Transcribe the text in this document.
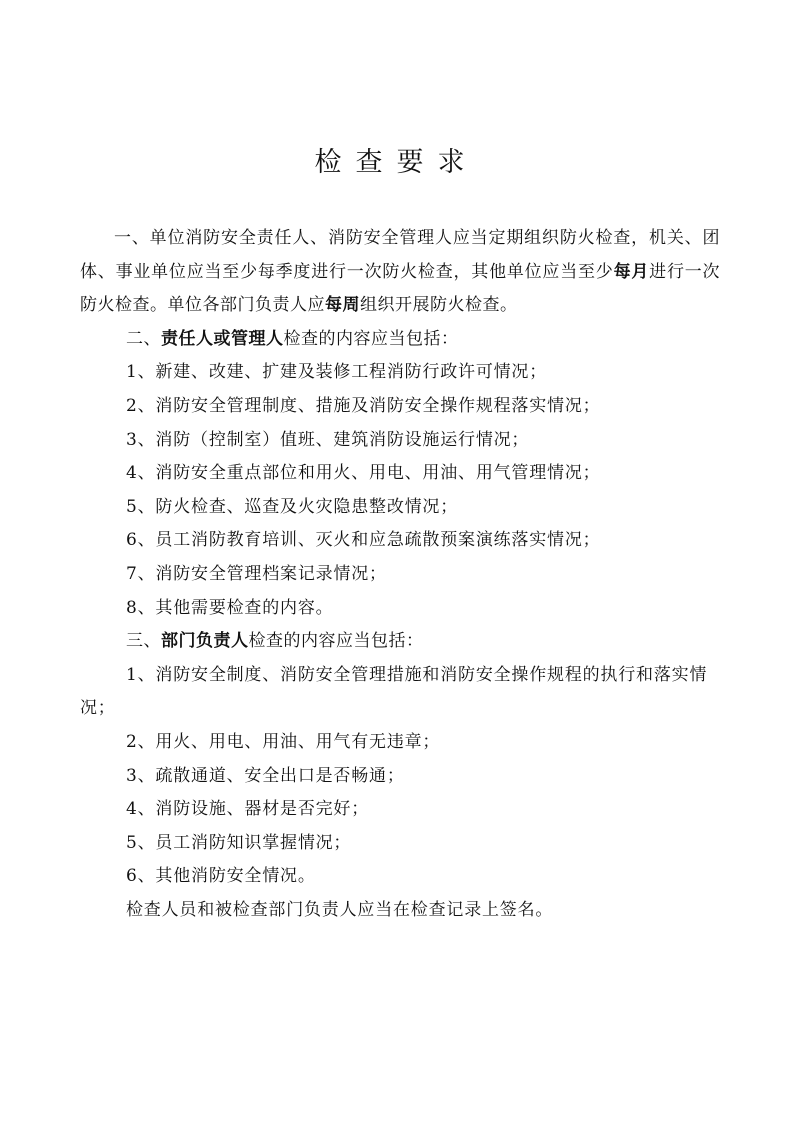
检查要求

一、单位消防安全责任人、消防安全管理人应当定期组织防火检查，机关、团体、事业单位应当至少每季度进行一次防火检查，其他单位应当至少每月进行一次防火检查。单位各部门负责人应每周组织开展防火检查。

二、责任人或管理人检查的内容应当包括：

1、新建、改建、扩建及装修工程消防行政许可情况；

2、消防安全管理制度、措施及消防安全操作规程落实情况；

3、消防（控制室）值班、建筑消防设施运行情况；

4、消防安全重点部位和用火、用电、用油、用气管理情况；

5、防火检查、巡查及火灾隐患整改情况；

6、员工消防教育培训、灭火和应急疏散预案演练落实情况；

7、消防安全管理档案记录情况；

8、其他需要检查的内容。

三、部门负责人检查的内容应当包括：

1、消防安全制度、消防安全管理措施和消防安全操作规程的执行和落实情况；

2、用火、用电、用油、用气有无违章；

3、疏散通道、安全出口是否畅通；

4、消防设施、器材是否完好；

5、员工消防知识掌握情况；

6、其他消防安全情况。

检查人员和被检查部门负责人应当在检查记录上签名。
